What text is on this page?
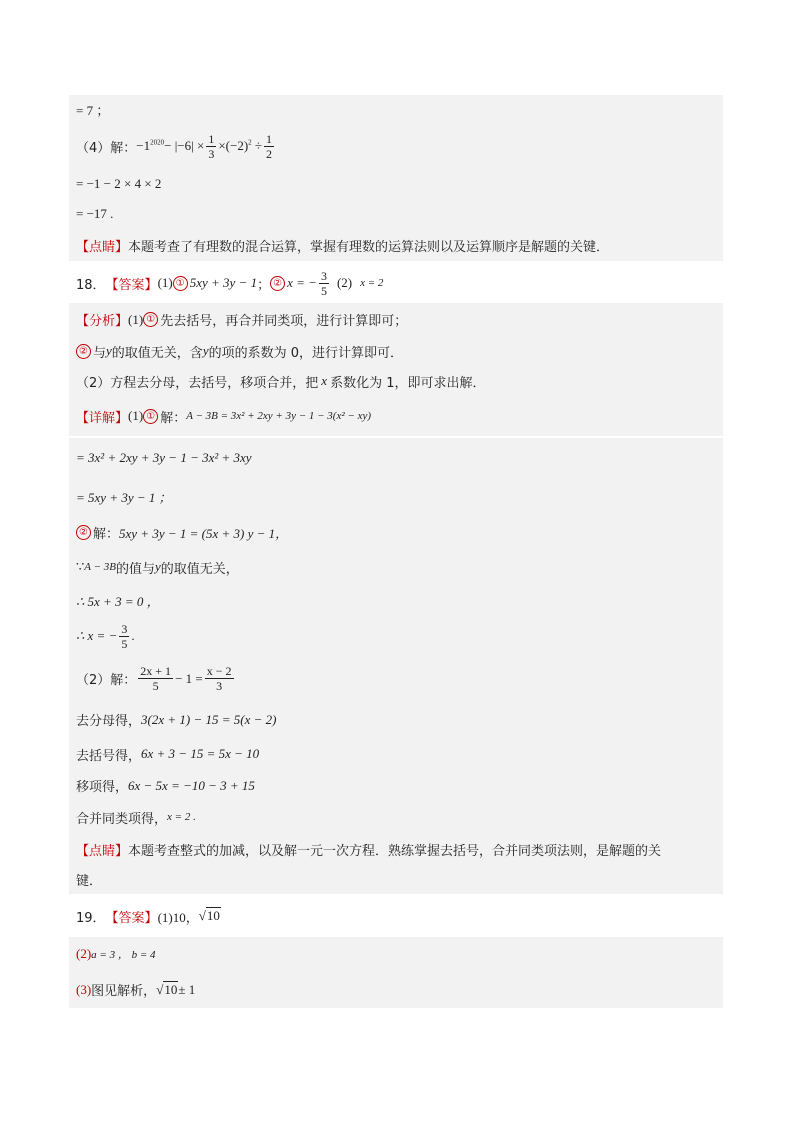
= 7 ；
（4）解： $-1^{2020}- |-6| \times \frac{1}{3} \times(-2)^2 \div \frac{1}{2}$
= −1 − 2 × 4 × 2
= −17 .
【点睛】 本题考查了有理数的混合运算，掌握有理数的运算法则以及运算顺序是解题的关键．
18． 【答案】 (1) ① 5xy + 3y − 1 ； ② x = − $\frac{3}{5} (2) x = 2$
【分析】 (1) ① 先去括号，再合并同类项，进行计算即可；
② 与 y 的取值无关，含 y 的项的系数为 0，进行计算即可．
（2）方程去分母，去括号，移项合并，把 x 系数化为 1，即可求出解．
【详解】 (1) ① 解： A − 3B = 3x² + 2xy + 3y − 1 − 3(x² − xy)
= 3x² + 2xy + 3y − 1 − 3x² + 3xy
= 5xy + 3y − 1 ；
② 解： 5xy + 3y − 1 = (5x + 3) y − 1，
∵ A − 3B 的值与 y 的取值无关，
∴ 5x + 3 = 0 ，
∴ x = − $\frac{3}{5}$ .
（2）解： $\frac{2x + 1}{5} - 1 = \frac{x - 2}{3}$
去分母得， 3(2x + 1) − 15 = 5(x − 2)
去括号得， 6x + 3 − 15 = 5x − 10
移项得， 6x − 5x = −10 − 3 + 15
合并同类项得， x = 2 .
【点睛】 本题考查整式的加减，以及解一元一次方程．熟练掌握去括号，合并同类项法则，是解题的关
键．
19． 【答案】 (1)10， √10
(2) a = 3 ， b = 4
(3) 图见解析， √10 ± 1
